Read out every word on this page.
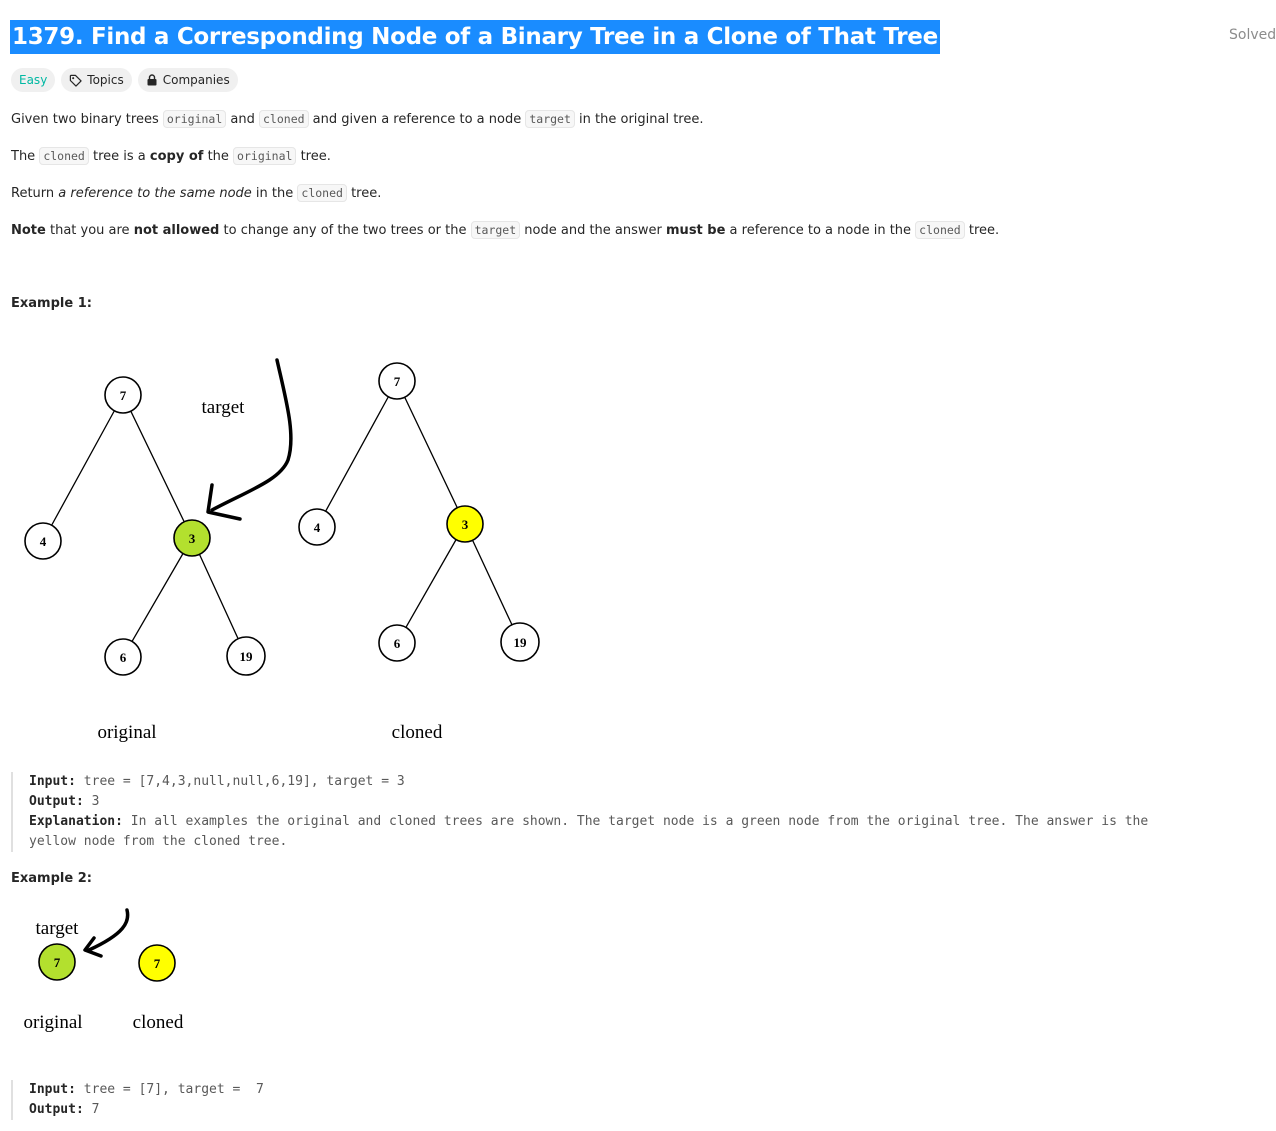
1379. Find a Corresponding Node of a Binary Tree in a Clone of That Tree	Solved
Easy	Topics	Companies
Given two binary trees original and cloned and given a reference to a node target in the original tree.
The cloned tree is a copy of the original tree.
Return a reference to the same node in the cloned tree.
Note that you are not allowed to change any of the two trees or the target node and the answer must be a reference to a node in the cloned tree.
Example 1:
7
4	3
6	19
7
4	3
6	19
target
original	cloned
Input: tree = [7,4,3,null,null,6,19], target = 3
Output: 3
Explanation: In all examples the original and cloned trees are shown. The target node is a green node from the original tree. The answer is the
yellow node from the cloned tree.
Example 2:
target
7	7
original	cloned
Input: tree = [7], target =  7
Output: 7
